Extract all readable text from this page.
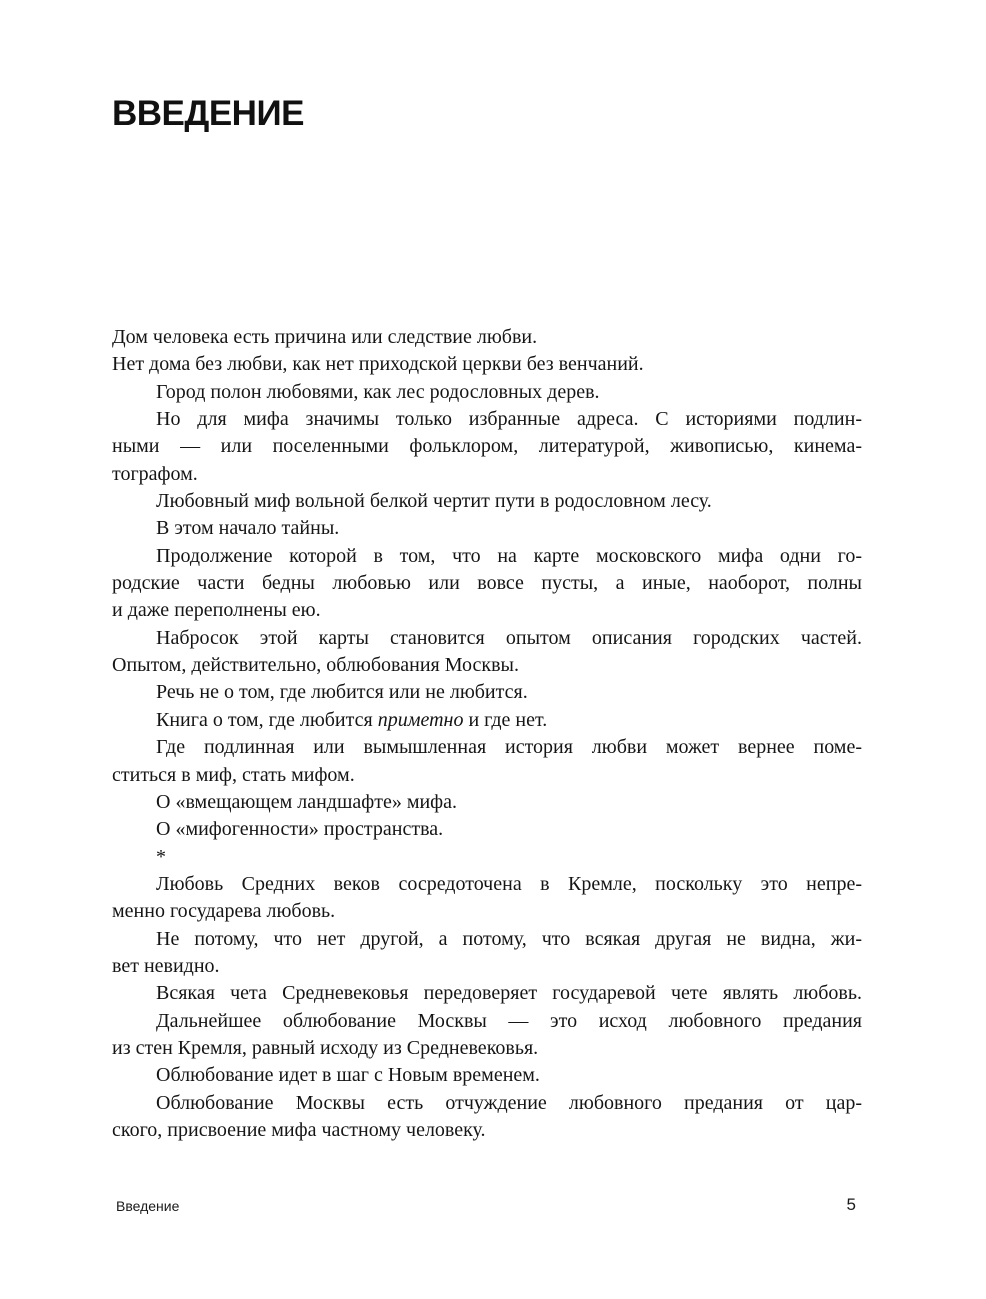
ВВЕДЕНИЕ
Дом человека есть причина или следствие любви.
Нет дома без любви, как нет приходской церкви без венчаний.
Город полон любовями, как лес родословных дерев.
Но для мифа значимы только избранные адреса. С историями подлин-
ными — или поселенными фольклором, литературой, живописью, кинема-
тографом.
Любовный миф вольной белкой чертит пути в родословном лесу.
В этом начало тайны.
Продолжение которой в том, что на карте московского мифа одни го-
родские части бедны любовью или вовсе пусты, а иные, наоборот, полны
и даже переполнены ею.
Набросок этой карты становится опытом описания городских частей.
Опытом, действительно, облюбования Москвы.
Речь не о том, где любится или не любится.
Книга о том, где любится приметно и где нет.
Где подлинная или вымышленная история любви может вернее поме-
ститься в миф, стать мифом.
О «вмещающем ландшафте» мифа.
О «мифогенности» пространства.
*
Любовь Средних веков сосредоточена в Кремле, поскольку это непре-
менно государева любовь.
Не потому, что нет другой, а потому, что всякая другая не видна, жи-
вет невидно.
Всякая чета Средневековья передоверяет государевой чете являть любовь.
Дальнейшее облюбование Москвы — это исход любовного предания
из стен Кремля, равный исходу из Средневековья.
Облюбование идет в шаг с Новым временем.
Облюбование Москвы есть отчуждение любовного предания от цар-
ского, присвоение мифа частному человеку.
Введение	5
